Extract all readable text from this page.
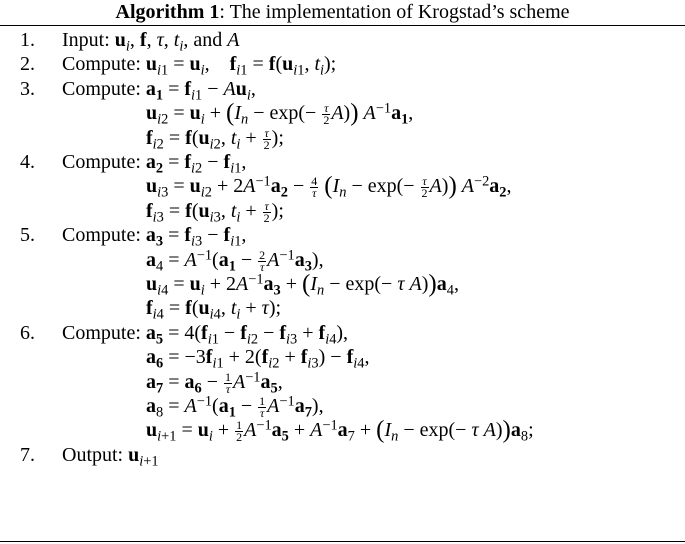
Algorithm 1: The implementation of Krogstad’s scheme
1. Input: $u_i$, f, τ, $t_i$, and A
2. Compute: $u_{i1} = u_i$,    $f_{i1} = f(u_{i1}$, $t_i$);
3. Compute: $a_1 = f_{i1} - Au_i$,
$u_{i2} = u_i + (I_n - \exp(- \frac{\tau}{2} A))$ $A^{-1}a_1$,
$f_{i2} = f(u_{i2}$, $t_i + \frac{\tau}{2}$ );
4. Compute: $a_2 = f_{i2} - f_{i1}$,
$u_{i3} = u_{i2} + 2A^{-1}a_2 - \frac{4}{\tau} (I_n - \exp(- \frac{\tau}{2} A))$ $A^{-2}a_2$,
$f_{i3} = f(u_{i3}$, $t_i + \frac{\tau}{2}$ );
5. Compute: $a_3 = f_{i3} - f_{i1}$,
$a_4 = A^{-1}(a_1 - \frac{2}{\tau} A^{-1}a_3)$,
$u_{i4} = u_i + 2A^{-1}a_3 + (I_n - \exp(- \tau$ $A))a_4$,
$f_{i4} = f(u_{i4}$, $t_i + \tau$);
6. Compute: $a_5 = 4(f_{i1} - f_{i2} - f_{i3} + f_{i4})$,
$a_6 = -3f_{i1} + 2(f_{i2} + f_{i3}) - f_{i4}$,
$a_7 = a_6 - \frac{1}{\tau} A^{-1}a_5$,
$a_8 = A^{-1}(a_1 - \frac{1}{\tau} A^{-1}a_7)$,
$u_{i+1} = u_i + \frac{1}{2} A^{-1}a_5 + A^{-1}a_7 + (I_n - \exp(- \tau$ $A))a_8$;
7. Output: $u_{i+1}$
